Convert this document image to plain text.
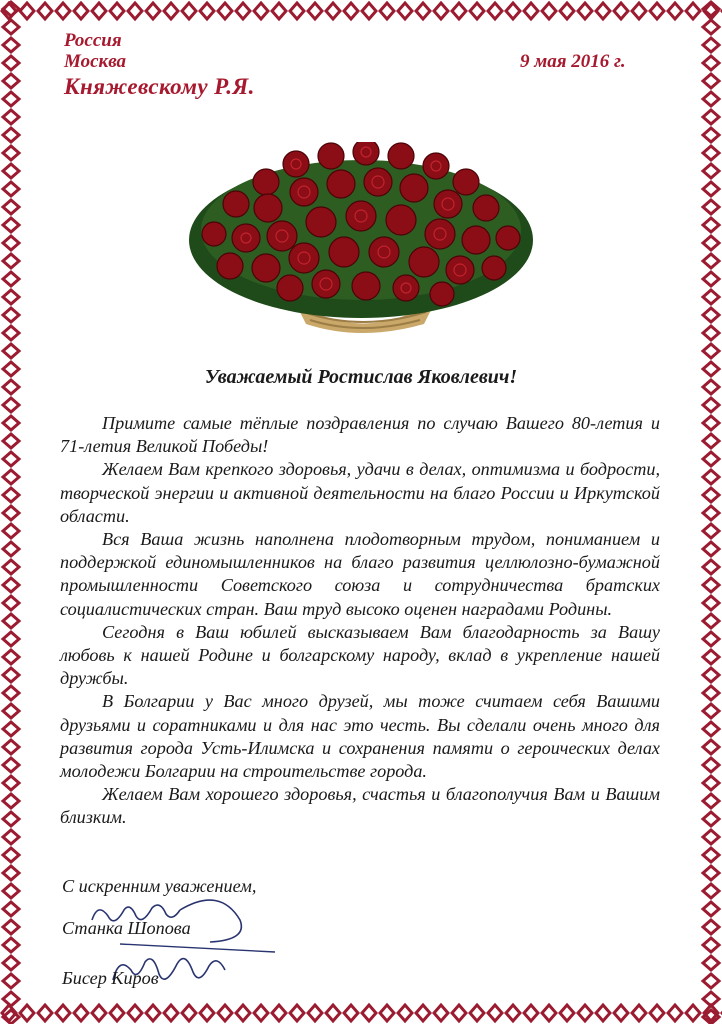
Россия
Москва
Княжевскому Р.Я.
9 мая 2016 г.
Уважаемый Ростислав Яковлевич!

Примите самые тёплые поздравления по случаю Вашего 80-летия и 71-летия Великой Победы!

Желаем Вам крепкого здоровья, удачи в делах, оптимизма и бодрости, творческой энергии и активной деятельности на благо России и Иркутской области.

Вся Ваша жизнь наполнена плодотворным трудом, пониманием и поддержкой единомышленников на благо развития целлюлозно-бумажной промышленности Советского союза и сотрудничества братских социалистических стран. Ваш труд высоко оценен наградами Родины.

Сегодня в Ваш юбилей высказываем Вам благодарность за Вашу любовь к нашей Родине и болгарскому народу, вклад в укрепление нашей дружбы.

В Болгарии у Вас много друзей, мы тоже считаем себя Вашими друзьями и соратниками и для нас это честь. Вы сделали очень много для развития города Усть-Илимска и сохранения памяти о героических делах молодежи Болгарии на строительстве города.

Желаем Вам хорошего здоровья, счастья и благополучия Вам и Вашим близким.

С искренним уважением,
Станка Шопова
Бисер Киров
